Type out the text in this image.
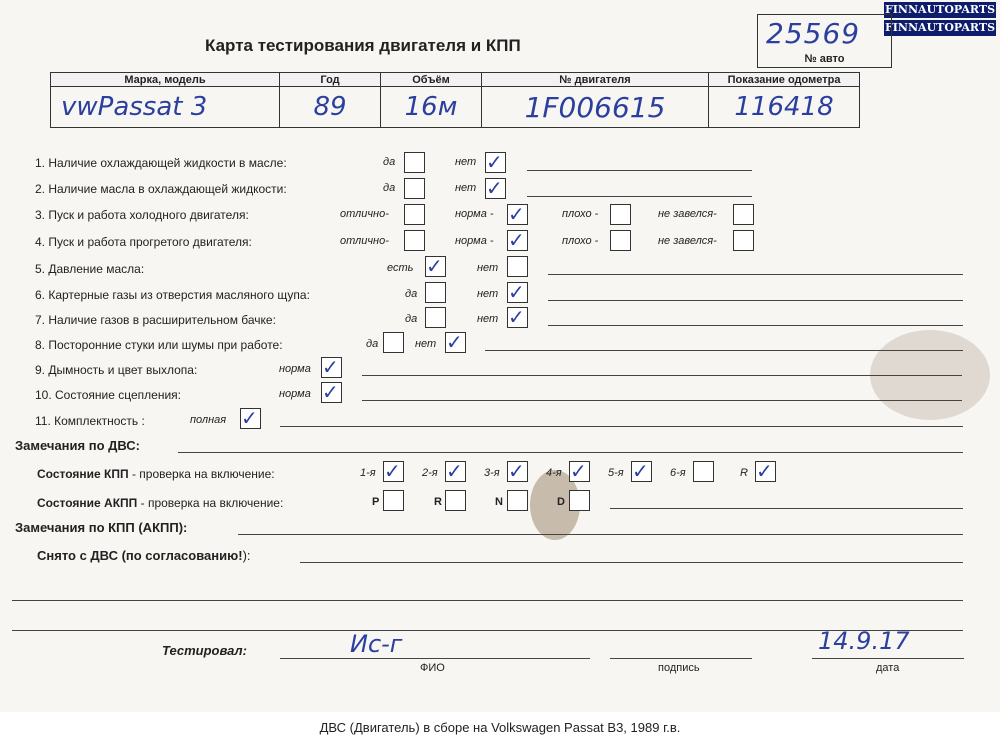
FINNAUTOPARTS
FINNAUTOPARTS
Карта тестирования двигателя и КПП	25569
№ авто
Марка, модель	Год	Объём	№ двигателя	Показание одометра
vwPassat 3	89	16м	1F006615	116418
1. Наличие охлаждающей жидкости в масле:	да	нет ✓
2. Наличие масла в охлаждающей жидкости:	да	нет ✓
3. Пуск и работа холодного двигателя:	отлично-	норма - ✓	плохо -	не завелся-
4. Пуск и работа прогретого двигателя:	отлично-	норма - ✓	плохо -	не завелся-
5. Давление масла:	есть ✓	нет
6. Картерные газы из отверстия масляного щупа:	да	нет ✓
7. Наличие газов в расширительном бачке:	да	нет ✓
8. Посторонние стуки или шумы при работе:	да	нет ✓
9. Дымность и цвет выхлопа:	норма ✓
10. Состояние сцепления:	норма ✓
11. Комплектность :	полная ✓
Замечания по ДВС:
Состояние КПП - проверка на включение:	1-я ✓ 2-я ✓ 3-я ✓ 4-я ✓ 5-я ✓ 6-я	R ✓
Состояние АКПП - проверка на включение:	P	R	N	D
Замечания по КПП (АКПП):
Снято с ДВС (по согласованию!):
Тестировал:	Ис-г
ФИО	подпись
14.9.17
дата
ДВС (Двигатель) в сборе на Volkswagen Passat B3, 1989 г.в.
